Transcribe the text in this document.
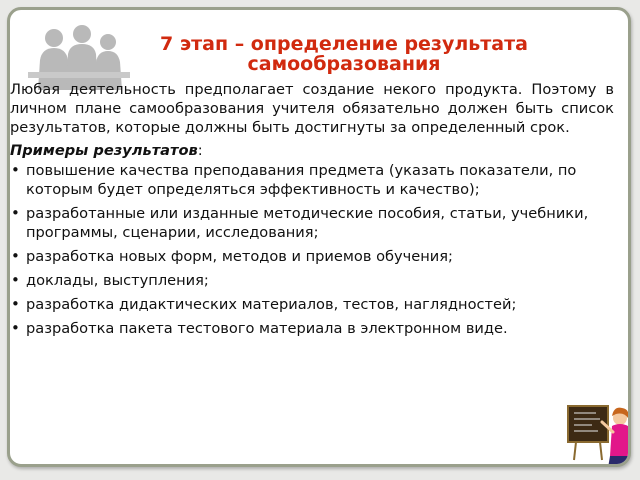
7 этап – определение результата самообразования

Любая деятельность предполагает создание некого продукта. Поэтому в личном плане самообразования учителя обязательно должен быть список результатов, которые должны быть достигнуты за определенный срок.

Примеры результатов:

• повышение качества преподавания предмета (указать показатели, по которым будет определяться эффективность и качество);
• разработанные или изданные методические пособия, статьи, учебники, программы, сценарии, исследования;
• разработка новых форм, методов и приемов обучения;
• доклады, выступления;
• разработка дидактических материалов, тестов, наглядностей;
• разработка пакета тестового материала в электронном виде.
